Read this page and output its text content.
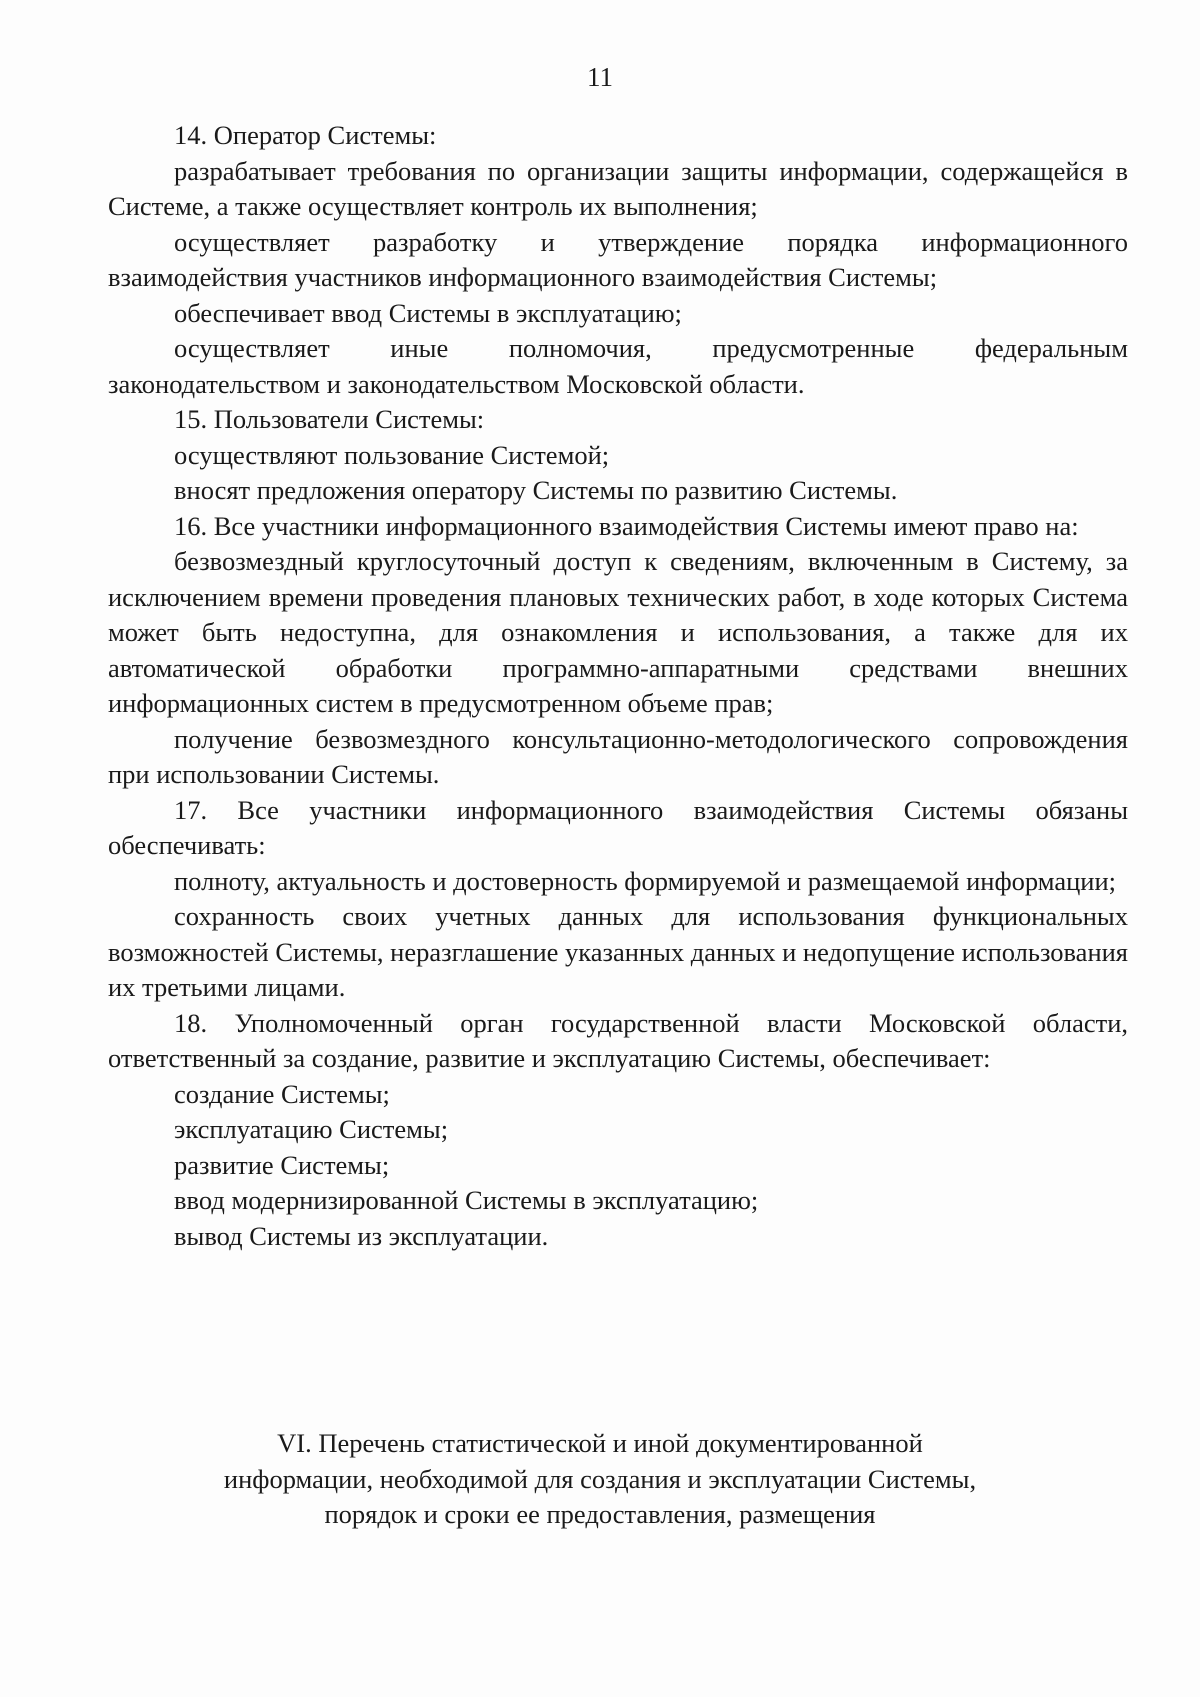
11

14. Оператор Системы:

разрабатывает требования по организации защиты информации, содержащейся в Системе, а также осуществляет контроль их выполнения;

осуществляет разработку и утверждение порядка информационного взаимодействия участников информационного взаимодействия Системы;

обеспечивает ввод Системы в эксплуатацию;

осуществляет иные полномочия, предусмотренные федеральным законодательством и законодательством Московской области.

15. Пользователи Системы:

осуществляют пользование Системой;

вносят предложения оператору Системы по развитию Системы.

16. Все участники информационного взаимодействия Системы имеют право на:

безвозмездный круглосуточный доступ к сведениям, включенным в Систему, за исключением времени проведения плановых технических работ, в ходе которых Система может быть недоступна, для ознакомления и использования, а также для их автоматической обработки программно-аппаратными средствами внешних информационных систем в предусмотренном объеме прав;

получение безвозмездного консультационно-методологического сопровождения при использовании Системы.

17. Все участники информационного взаимодействия Системы обязаны обеспечивать:

полноту, актуальность и достоверность формируемой и размещаемой информации;

сохранность своих учетных данных для использования функциональных возможностей Системы, неразглашение указанных данных и недопущение использования их третьими лицами.

18. Уполномоченный орган государственной власти Московской области, ответственный за создание, развитие и эксплуатацию Системы, обеспечивает:

создание Системы;

эксплуатацию Системы;

развитие Системы;

ввод модернизированной Системы в эксплуатацию;

вывод Системы из эксплуатации.

VI. Перечень статистической и иной документированной
информации, необходимой для создания и эксплуатации Системы,
порядок и сроки ее предоставления, размещения
